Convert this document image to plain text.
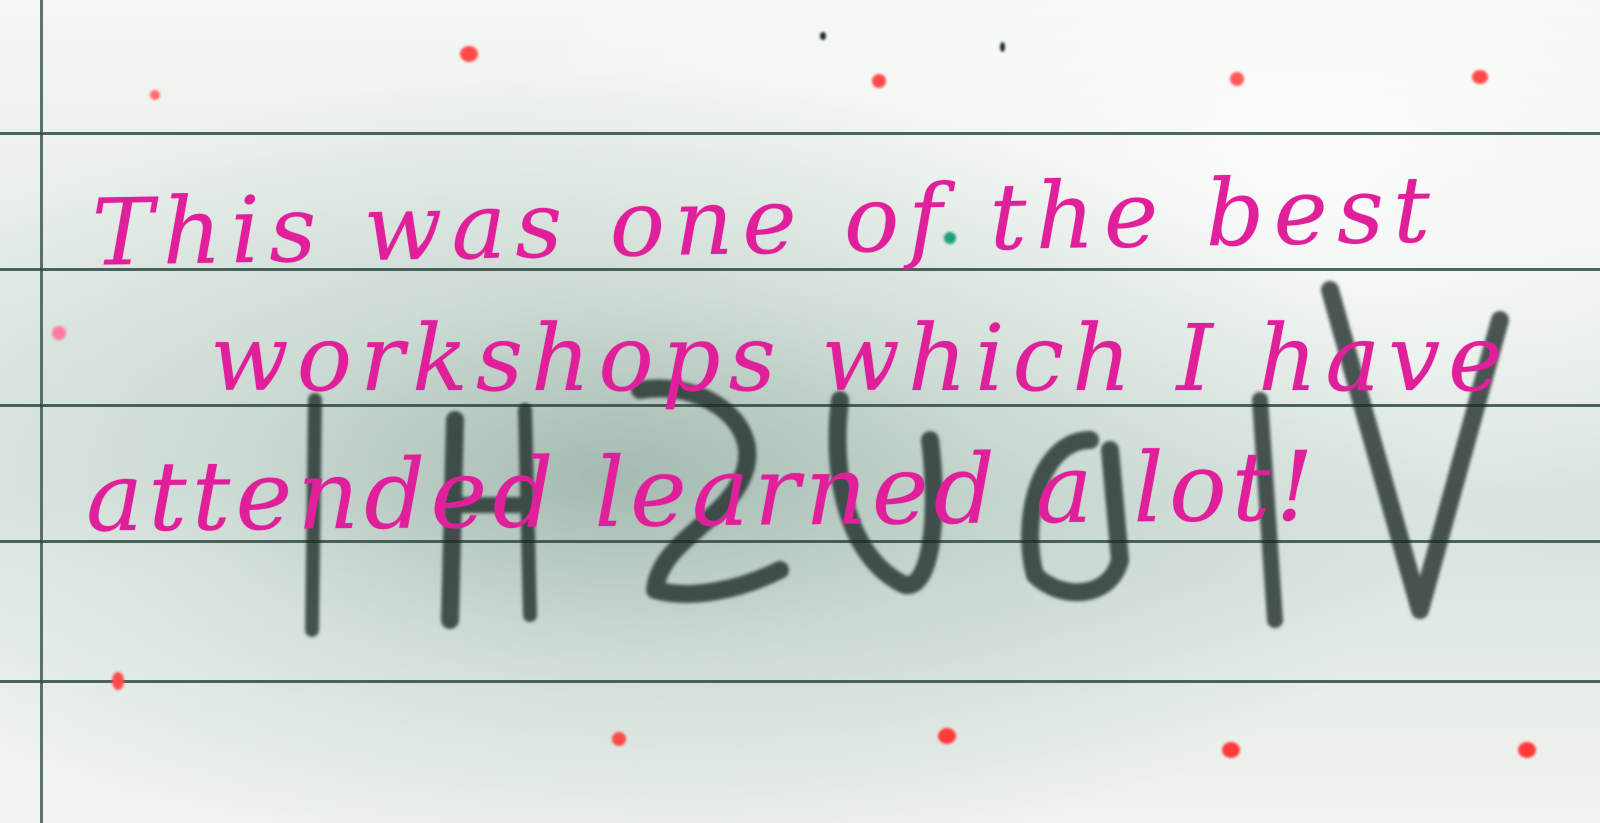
This was one of the best
workshops which I have
attended learned a lot!
